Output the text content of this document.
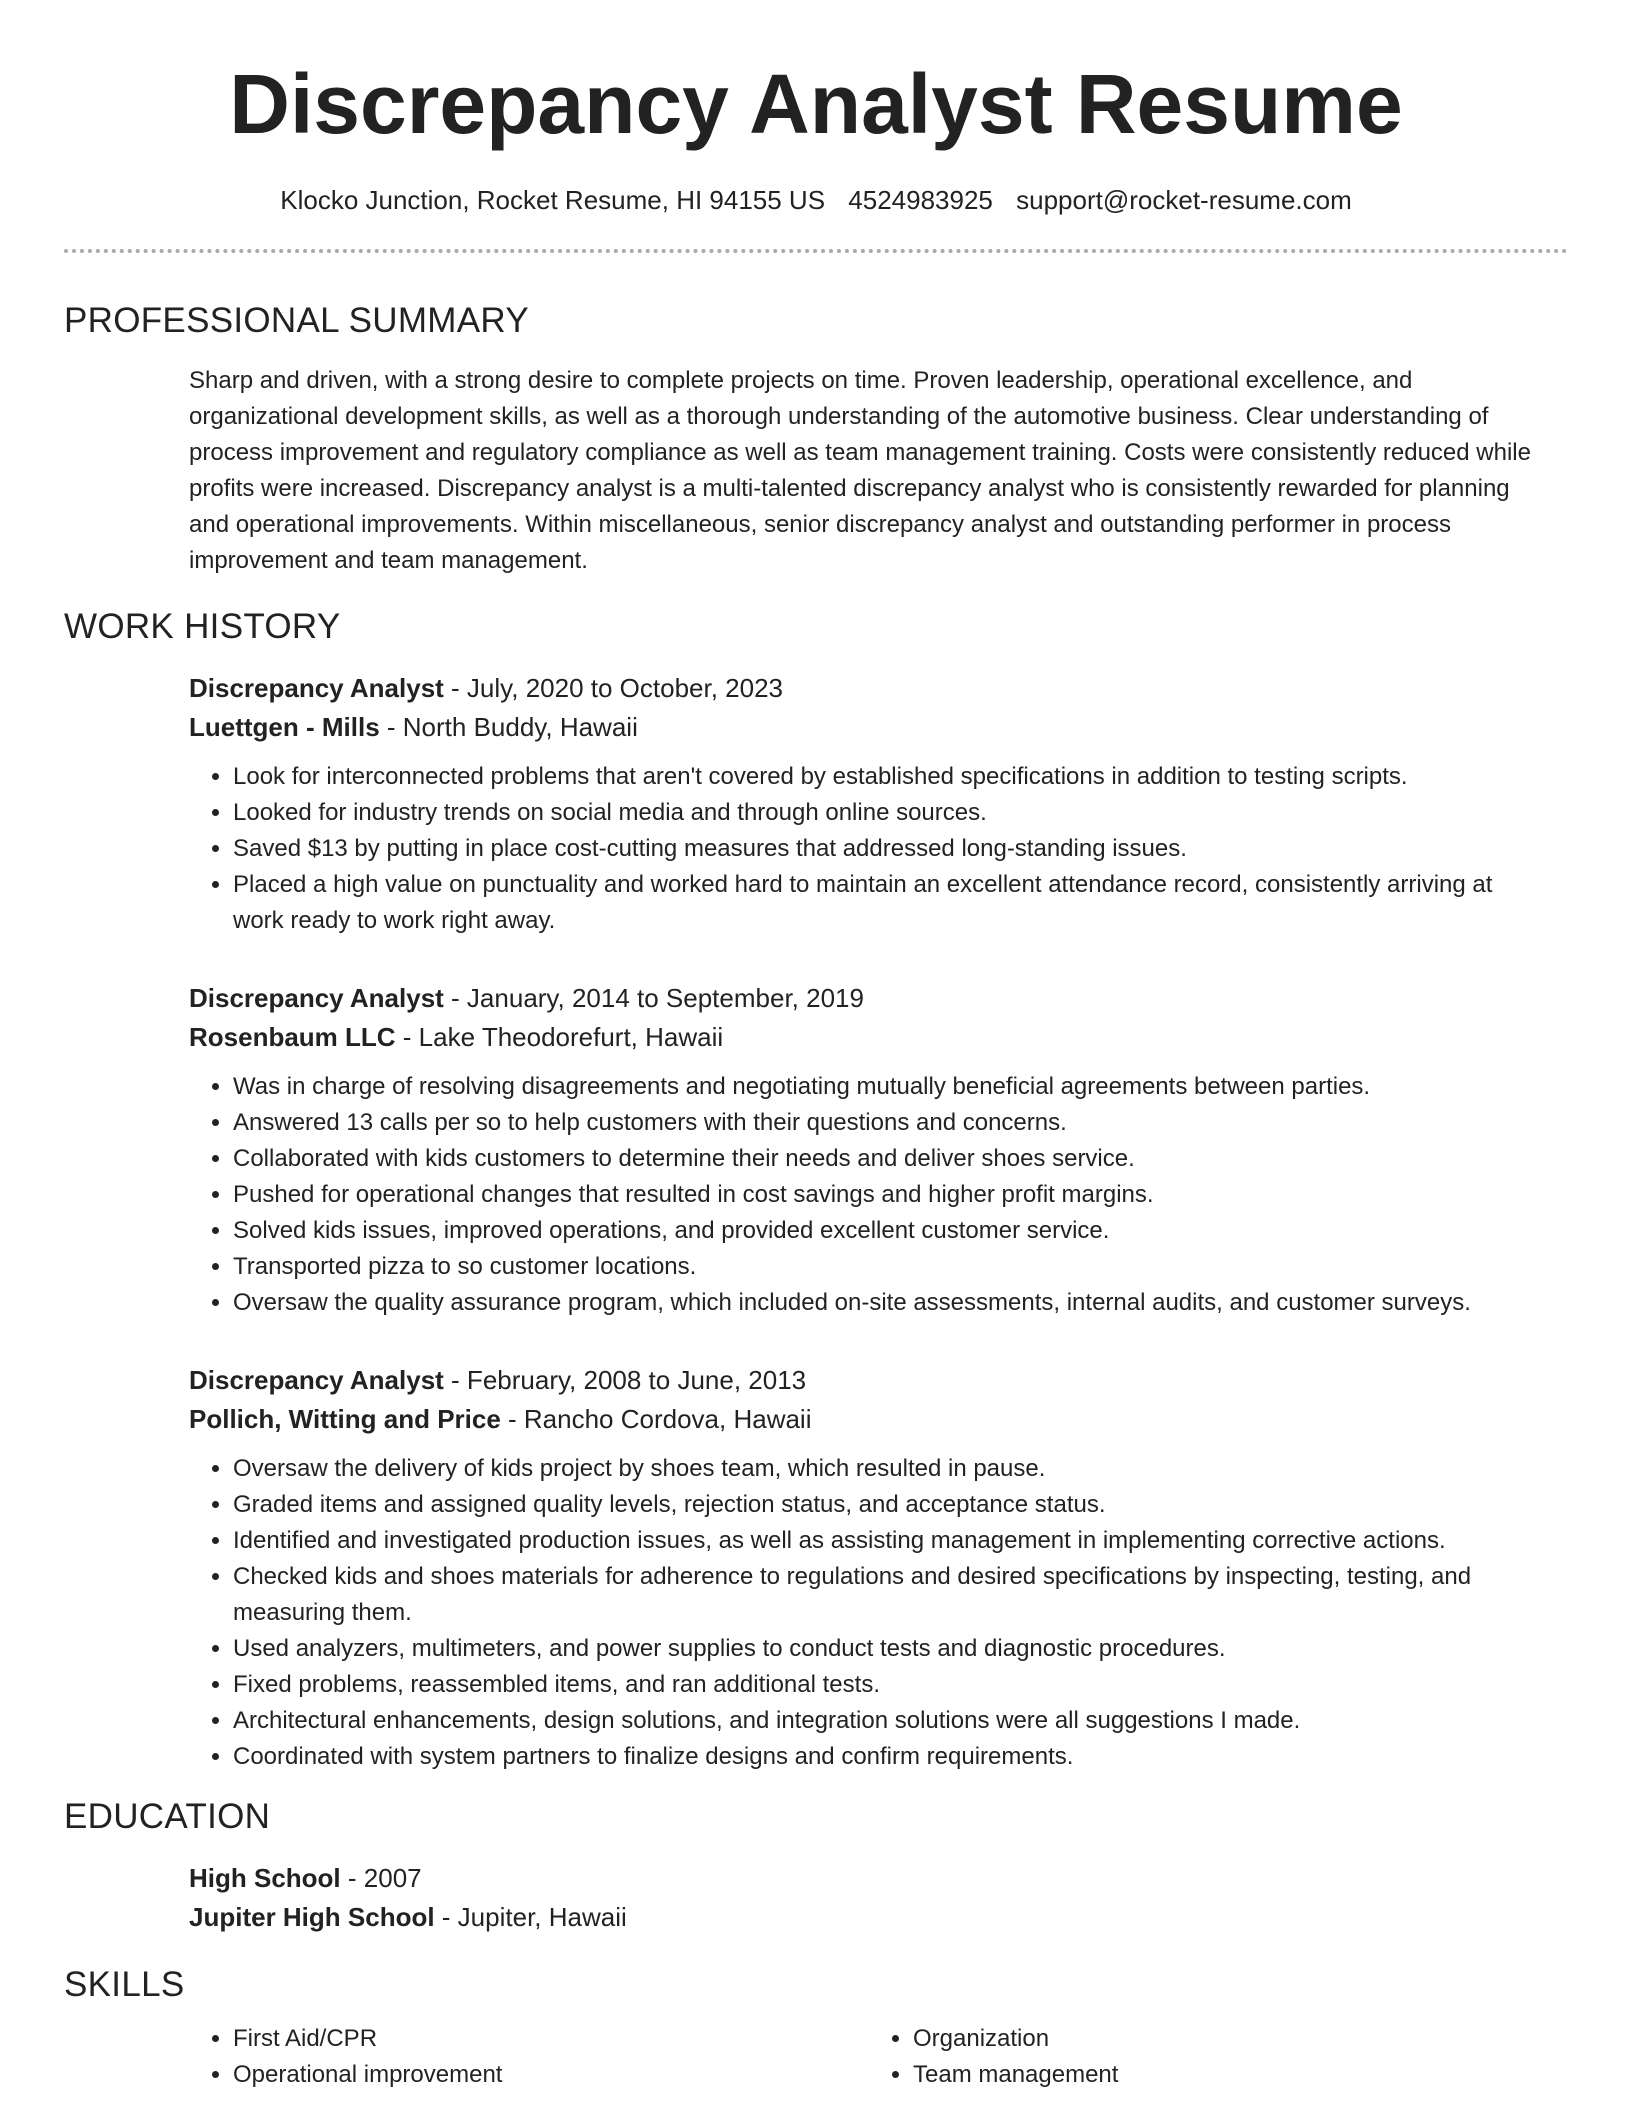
Discrepancy Analyst Resume
Klocko Junction, Rocket Resume, HI 94155 US 4524983925 support@rocket-resume.com
PROFESSIONAL SUMMARY
Sharp and driven, with a strong desire to complete projects on time. Proven leadership, operational excellence, and organizational development skills, as well as a thorough understanding of the automotive business. Clear understanding of process improvement and regulatory compliance as well as team management training. Costs were consistently reduced while profits were increased. Discrepancy analyst is a multi-talented discrepancy analyst who is consistently rewarded for planning and operational improvements. Within miscellaneous, senior discrepancy analyst and outstanding performer in process improvement and team management.
WORK HISTORY
Discrepancy Analyst - July, 2020 to October, 2023
Luettgen - Mills - North Buddy, Hawaii
• Look for interconnected problems that aren't covered by established specifications in addition to testing scripts.
• Looked for industry trends on social media and through online sources.
• Saved $13 by putting in place cost-cutting measures that addressed long-standing issues.
• Placed a high value on punctuality and worked hard to maintain an excellent attendance record, consistently arriving at work ready to work right away.
Discrepancy Analyst - January, 2014 to September, 2019
Rosenbaum LLC - Lake Theodorefurt, Hawaii
• Was in charge of resolving disagreements and negotiating mutually beneficial agreements between parties.
• Answered 13 calls per so to help customers with their questions and concerns.
• Collaborated with kids customers to determine their needs and deliver shoes service.
• Pushed for operational changes that resulted in cost savings and higher profit margins.
• Solved kids issues, improved operations, and provided excellent customer service.
• Transported pizza to so customer locations.
• Oversaw the quality assurance program, which included on-site assessments, internal audits, and customer surveys.
Discrepancy Analyst - February, 2008 to June, 2013
Pollich, Witting and Price - Rancho Cordova, Hawaii
• Oversaw the delivery of kids project by shoes team, which resulted in pause.
• Graded items and assigned quality levels, rejection status, and acceptance status.
• Identified and investigated production issues, as well as assisting management in implementing corrective actions.
• Checked kids and shoes materials for adherence to regulations and desired specifications by inspecting, testing, and measuring them.
• Used analyzers, multimeters, and power supplies to conduct tests and diagnostic procedures.
• Fixed problems, reassembled items, and ran additional tests.
• Architectural enhancements, design solutions, and integration solutions were all suggestions I made.
• Coordinated with system partners to finalize designs and confirm requirements.
EDUCATION
High School - 2007
Jupiter High School - Jupiter, Hawaii
SKILLS
• First Aid/CPR
• Operational improvement
• Organization
• Team management
